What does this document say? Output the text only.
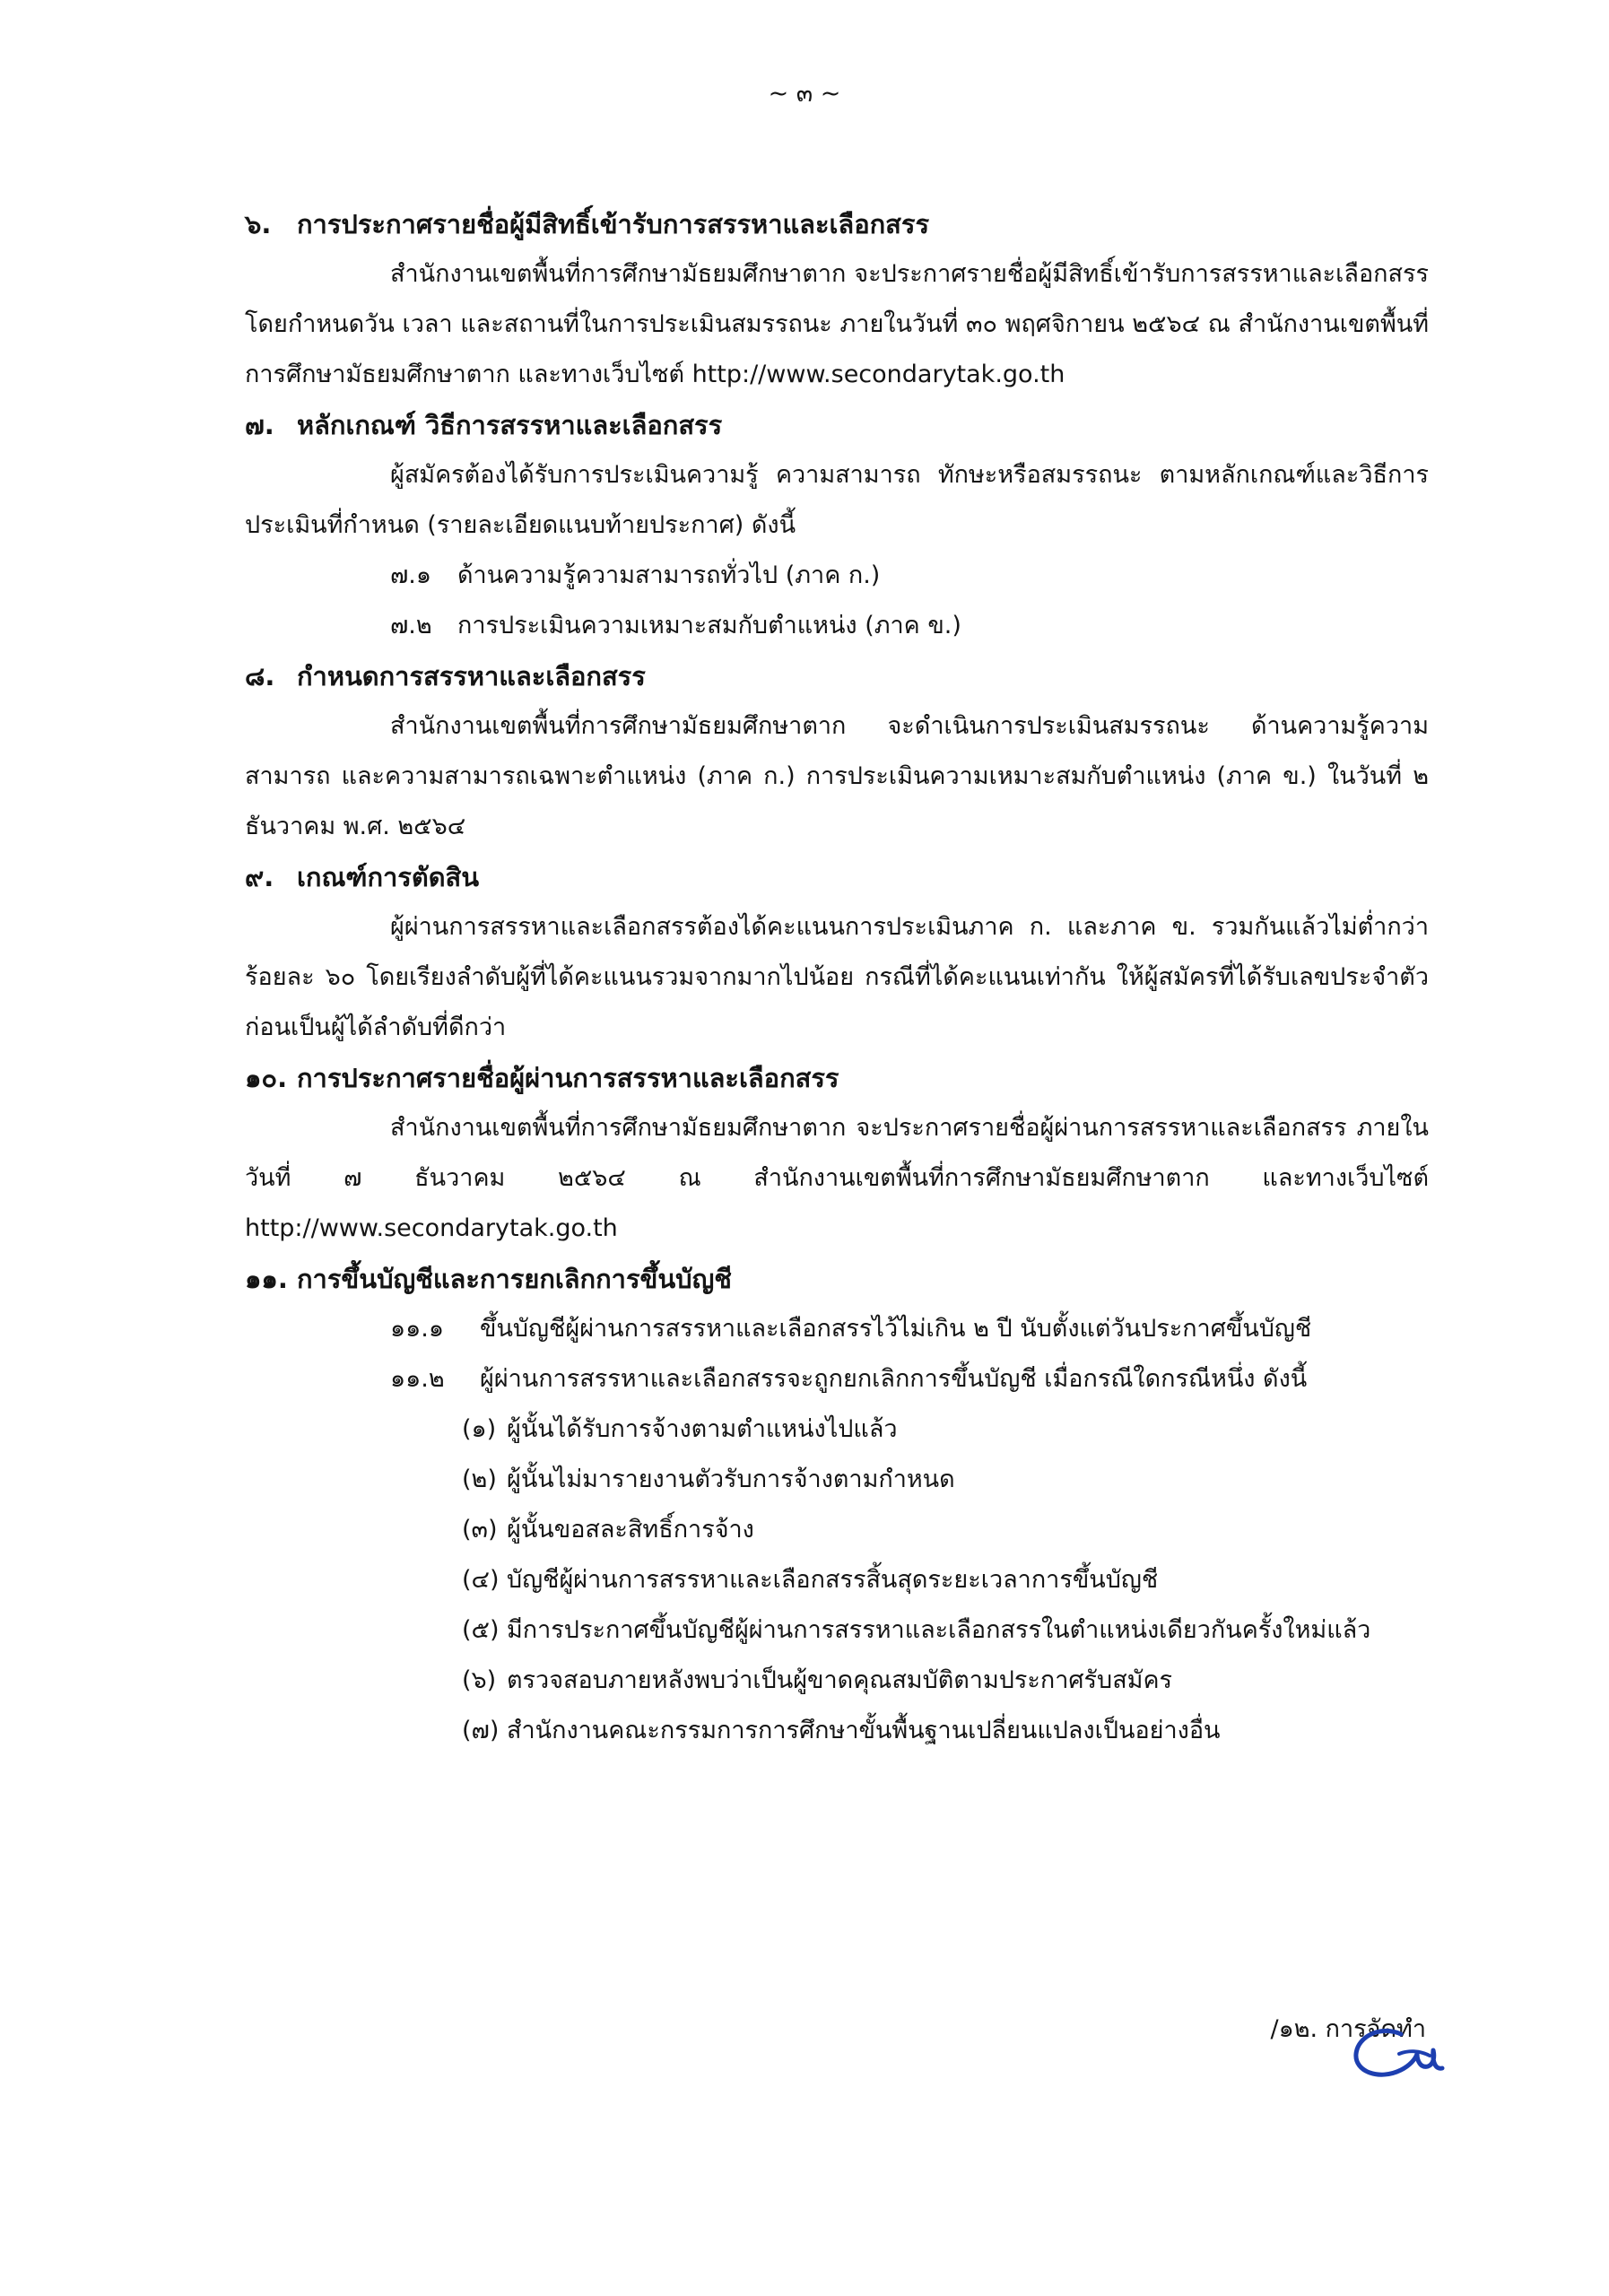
~ ๓ ~
๖. การประกาศรายชื่อผู้มีสิทธิ์เข้ารับการสรรหาและเลือกสรร
สำนักงานเขตพื้นที่การศึกษามัธยมศึกษาตาก จะประกาศรายชื่อผู้มีสิทธิ์เข้ารับการสรรหาและเลือกสรร โดยกำหนดวัน เวลา และสถานที่ในการประเมินสมรรถนะ ภายในวันที่ ๓๐ พฤศจิกายน ๒๕๖๔ ณ สำนักงานเขตพื้นที่การศึกษามัธยมศึกษาตาก และทางเว็บไซต์ http://www.secondarytak.go.th
๗. หลักเกณฑ์ วิธีการสรรหาและเลือกสรร
ผู้สมัครต้องได้รับการประเมินความรู้ ความสามารถ ทักษะหรือสมรรถนะ ตามหลักเกณฑ์และวิธีการประเมินที่กำหนด (รายละเอียดแนบท้ายประกาศ) ดังนี้
๗.๑ ด้านความรู้ความสามารถทั่วไป (ภาค ก.)
๗.๒ การประเมินความเหมาะสมกับตำแหน่ง (ภาค ข.)
๘. กำหนดการสรรหาและเลือกสรร
สำนักงานเขตพื้นที่การศึกษามัธยมศึกษาตาก จะดำเนินการประเมินสมรรถนะ ด้านความรู้ความสามารถ และความสามารถเฉพาะตำแหน่ง (ภาค ก.) การประเมินความเหมาะสมกับตำแหน่ง (ภาค ข.) ในวันที่ ๒ ธันวาคม พ.ศ. ๒๕๖๔
๙. เกณฑ์การตัดสิน
ผู้ผ่านการสรรหาและเลือกสรรต้องได้คะแนนการประเมินภาค ก. และภาค ข. รวมกันแล้วไม่ต่ำกว่าร้อยละ ๖๐ โดยเรียงลำดับผู้ที่ได้คะแนนรวมจากมากไปน้อย กรณีที่ได้คะแนนเท่ากัน ให้ผู้สมัครที่ได้รับเลขประจำตัวก่อนเป็นผู้ได้ลำดับที่ดีกว่า
๑๐. การประกาศรายชื่อผู้ผ่านการสรรหาและเลือกสรร
สำนักงานเขตพื้นที่การศึกษามัธยมศึกษาตาก จะประกาศรายชื่อผู้ผ่านการสรรหาและเลือกสรร ภายในวันที่ ๗ ธันวาคม ๒๕๖๔ ณ สำนักงานเขตพื้นที่การศึกษามัธยมศึกษาตาก และทางเว็บไซต์ http://www.secondarytak.go.th
๑๑. การขึ้นบัญชีและการยกเลิกการขึ้นบัญชี
๑๑.๑ ขึ้นบัญชีผู้ผ่านการสรรหาและเลือกสรรไว้ไม่เกิน ๒ ปี นับตั้งแต่วันประกาศขึ้นบัญชี
๑๑.๒ ผู้ผ่านการสรรหาและเลือกสรรจะถูกยกเลิกการขึ้นบัญชี เมื่อกรณีใดกรณีหนึ่ง ดังนี้
(๑) ผู้นั้นได้รับการจ้างตามตำแหน่งไปแล้ว
(๒) ผู้นั้นไม่มารายงานตัวรับการจ้างตามกำหนด
(๓) ผู้นั้นขอสละสิทธิ์การจ้าง
(๔) บัญชีผู้ผ่านการสรรหาและเลือกสรรสิ้นสุดระยะเวลาการขึ้นบัญชี
(๕) มีการประกาศขึ้นบัญชีผู้ผ่านการสรรหาและเลือกสรรในตำแหน่งเดียวกันครั้งใหม่แล้ว
(๖) ตรวจสอบภายหลังพบว่าเป็นผู้ขาดคุณสมบัติตามประกาศรับสมัคร
(๗) สำนักงานคณะกรรมการการศึกษาขั้นพื้นฐานเปลี่ยนแปลงเป็นอย่างอื่น
/๑๒. การจัดทำ
